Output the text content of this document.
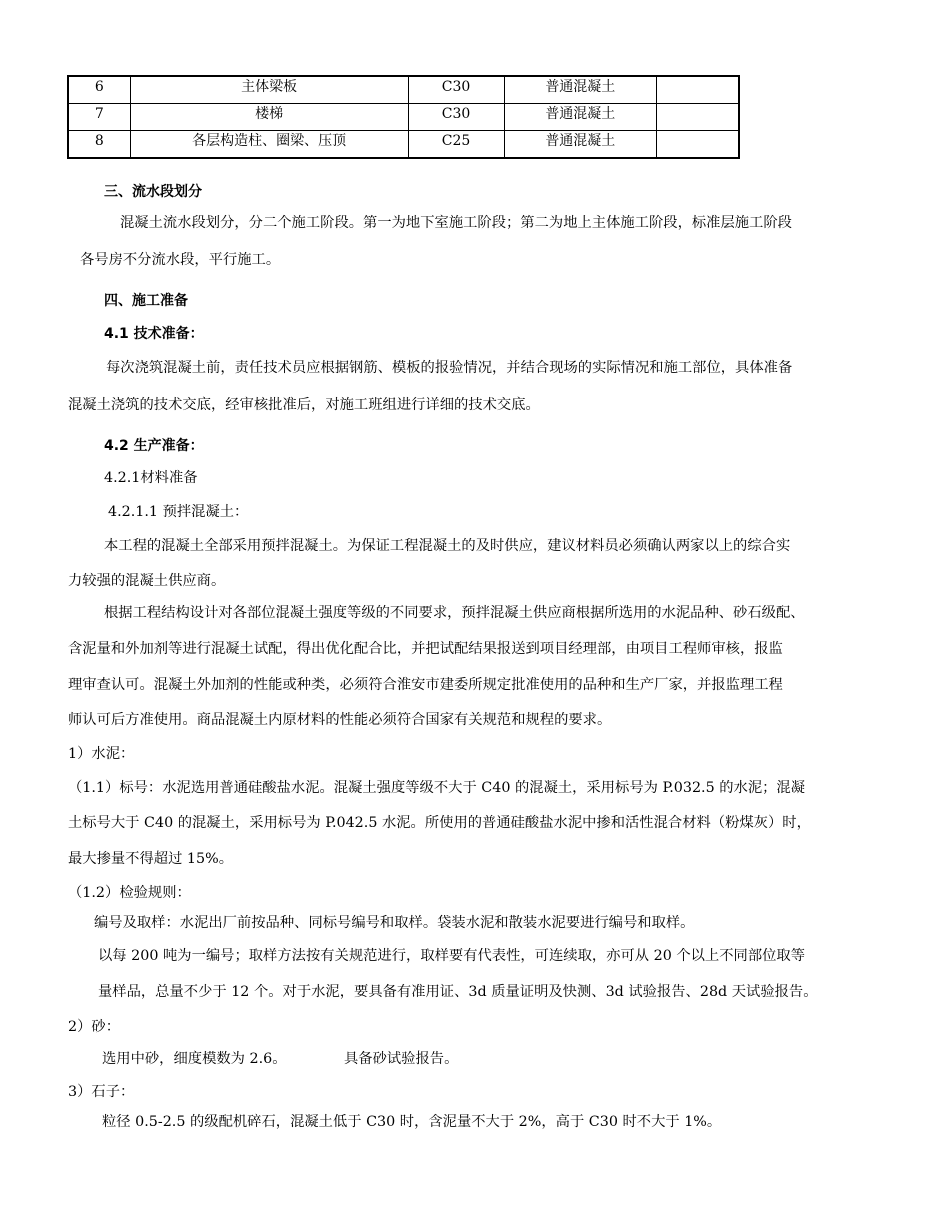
6	主体梁板	C30	普通混凝土	
7	楼梯	C30	普通混凝土	
8	各层构造柱、圈梁、压顶	C25	普通混凝土	
三、流水段划分
混凝土流水段划分，分二个施工阶段。第一为地下室施工阶段；第二为地上主体施工阶段，标准层施工阶段
各号房不分流水段，平行施工。
四、施工准备
4.1 技术准备：
每次浇筑混凝土前，责任技术员应根据钢筋、模板的报验情况，并结合现场的实际情况和施工部位，具体准备
混凝土浇筑的技术交底，经审核批准后，对施工班组进行详细的技术交底。
4.2 生产准备：
4.2.1材料准备
4.2.1.1 预拌混凝土：
本工程的混凝土全部采用预拌混凝土。为保证工程混凝土的及时供应，建议材料员必须确认两家以上的综合实
力较强的混凝土供应商。
根据工程结构设计对各部位混凝土强度等级的不同要求，预拌混凝土供应商根据所选用的水泥品种、砂石级配、
含泥量和外加剂等进行混凝土试配，得出优化配合比，并把试配结果报送到项目经理部，由项目工程师审核，报监
理审查认可。混凝土外加剂的性能或种类，必须符合淮安市建委所规定批准使用的品种和生产厂家，并报监理工程
师认可后方准使用。商品混凝土内原材料的性能必须符合国家有关规范和规程的要求。
1）水泥：
（1.1）标号：水泥选用普通硅酸盐水泥。混凝土强度等级不大于 C40 的混凝土，采用标号为 P.032.5 的水泥；混凝
土标号大于 C40 的混凝土，采用标号为 P.042.5 水泥。所使用的普通硅酸盐水泥中掺和活性混合材料（粉煤灰）时，
最大掺量不得超过 15%。
（1.2）检验规则：
编号及取样：水泥出厂前按品种、同标号编号和取样。袋装水泥和散装水泥要进行编号和取样。
以每 200 吨为一编号；取样方法按有关规范进行，取样要有代表性，可连续取，亦可从 20 个以上不同部位取等
量样品，总量不少于 12 个。对于水泥，要具备有准用证、3d 质量证明及快测、3d 试验报告、28d 天试验报告。
2）砂：
选用中砂，细度模数为 2.6。	具备砂试验报告。
3）石子：
粒径 0.5-2.5 的级配机碎石，混凝土低于 C30 时，含泥量不大于 2%，高于 C30 时不大于 1%。
